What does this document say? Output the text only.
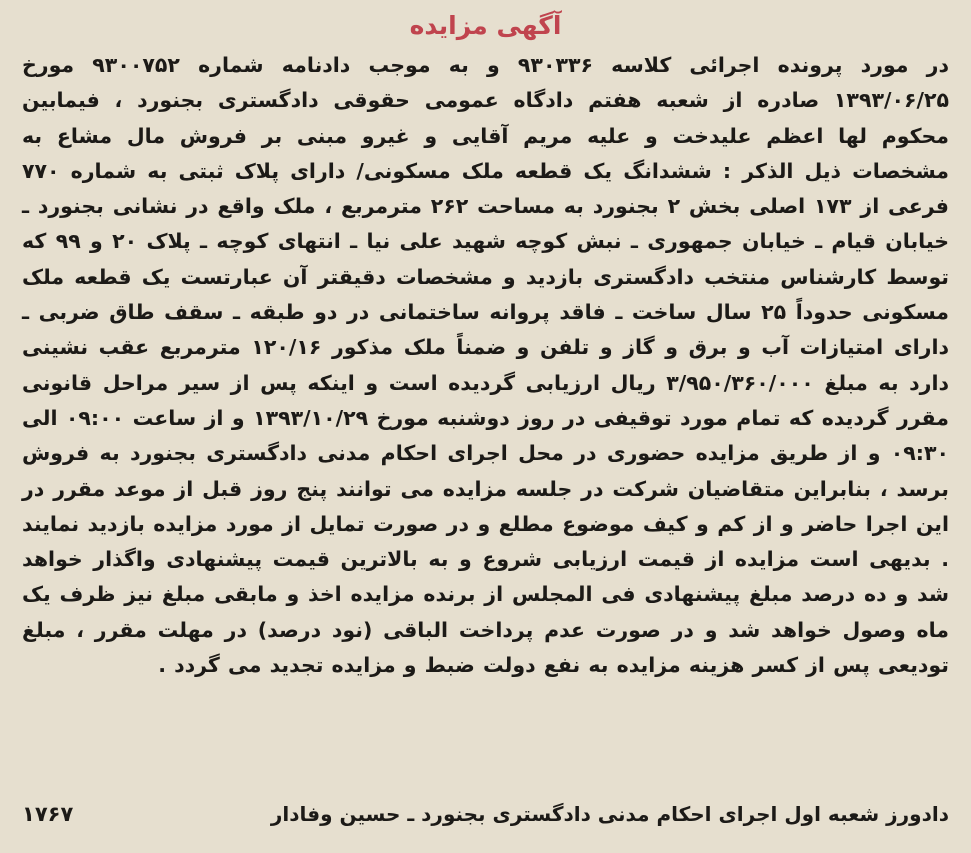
آگهی مزایده

در مورد پرونده اجرائی کلاسه ۹۳۰۳۳۶ و به موجب دادنامه شماره ۹۳۰۰۷۵۲ مورخ ۱۳۹۳/۰۶/۲۵ صادره از شعبه هفتم دادگاه عمومی حقوقی دادگستری بجنورد ، فیمابین محکوم لها اعظم علیدخت و علیه مریم آقایی و غیرو مبنی بر فروش مال مشاع به مشخصات ذیل الذکر : ششدانگ یک قطعه ملک مسکونی/ دارای پلاک ثبتی به شماره ۷۷۰ فرعی از ۱۷۳ اصلی بخش ۲ بجنورد به مساحت ۲۶۲ مترمربع ، ملک واقع در نشانی بجنورد ـ خیابان قیام ـ خیابان جمهوری ـ نبش کوچه شهید علی نیا ـ انتهای کوچه ـ پلاک ۲۰ و ۹۹ که توسط کارشناس منتخب دادگستری بازدید و مشخصات دقیقتر آن عبارتست یک قطعه ملک مسکونی حدوداً ۲۵ سال ساخت ـ فاقد پروانه ساختمانی در دو طبقه ـ سقف طاق ضربی ـ دارای امتیازات آب و برق و گاز و تلفن و ضمناً ملک مذکور ۱۲۰/۱۶ مترمربع عقب نشینی دارد به مبلغ ۳/۹۵۰/۳۶۰/۰۰۰ ریال ارزیابی گردیده است و اینکه پس از سیر مراحل قانونی مقرر گردیده که تمام مورد توقیفی در روز دوشنبه مورخ ۱۳۹۳/۱۰/۲۹ و از ساعت ۰۹:۰۰ الی ۰۹:۳۰ و از طریق مزایده حضوری در محل اجرای احکام مدنی دادگستری بجنورد به فروش برسد ، بنابراین متقاضیان شرکت در جلسه مزایده می توانند پنج روز قبل از موعد مقرر در این اجرا حاضر و از کم و کیف موضوع مطلع و در صورت تمایل از مورد مزایده بازدید نمایند . بدیهی است مزایده از قیمت ارزیابی شروع و به بالاترین قیمت پیشنهادی واگذار خواهد شد و ده درصد مبلغ پیشنهادی فی المجلس از برنده مزایده اخذ و مابقی مبلغ نیز ظرف یک ماه وصول خواهد شد و در صورت عدم پرداخت الباقی (نود درصد) در مهلت مقرر ، مبلغ تودیعی پس از کسر هزینه مزایده به نفع دولت ضبط و مزایده تجدید می گردد .

دادورز شعبه اول اجرای احکام مدنی دادگستری بجنورد ـ حسین وفادار
۱۷۶۷
